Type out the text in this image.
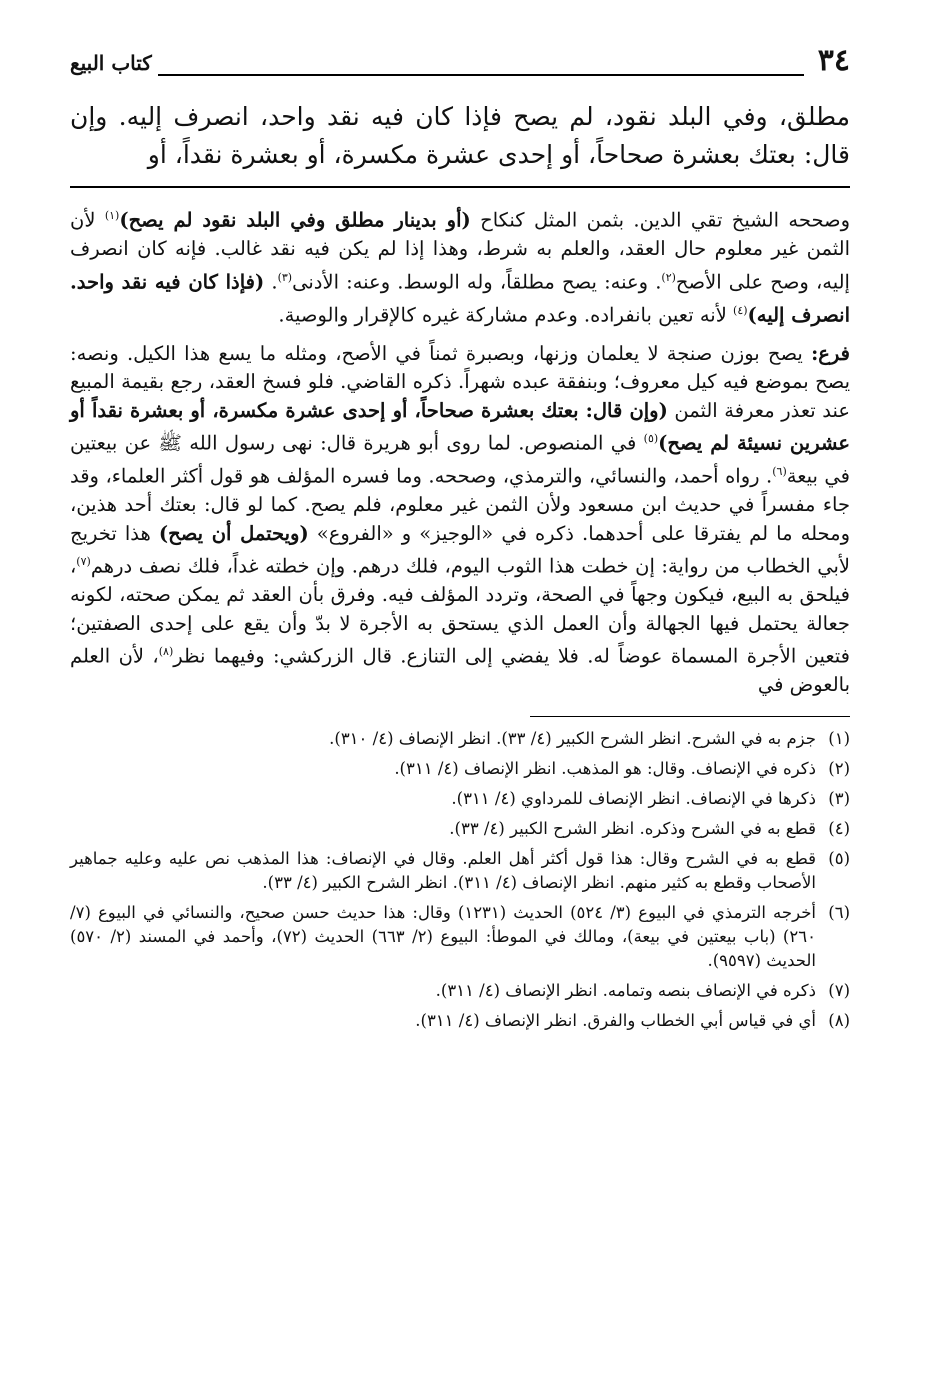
٣٤
كتاب البيع
مطلق، وفي البلد نقود، لم يصح فإذا كان فيه نقد واحد، انصرف إليه. وإن قال: بعتك بعشرة صحاحاً، أو إحدى عشرة مكسرة، أو بعشرة نقداً، أو

وصححه الشيخ تقي الدين. بثمن المثل كنكاح (أو بدينار مطلق وفي البلد نقود لم يصح)$^{(١)}$ لأن الثمن غير معلوم حال العقد، والعلم به شرط، وهذا إذا لم يكن فيه نقد غالب. فإنه كان انصرف إليه، وصح على الأصح$^{(٢)}$. وعنه: يصح مطلقاً، وله الوسط. وعنه: الأدنى$^{(٣)}$. (فإذا كان فيه نقد واحد. انصرف إليه)$^{(٤)}$ لأنه تعين بانفراده. وعدم مشاركة غيره كالإقرار والوصية.

فرع: يصح بوزن صنجة لا يعلمان وزنها، وبصبرة ثمناً في الأصح، ومثله ما يسع هذا الكيل. ونصه: يصح بموضع فيه كيل معروف؛ وبنفقة عبده شهراً. ذكره القاضي. فلو فسخ العقد، رجع بقيمة المبيع عند تعذر معرفة الثمن (وإن قال: بعتك بعشرة صحاحاً، أو إحدى عشرة مكسرة، أو بعشرة نقداً أو عشرين نسيئة لم يصح)$^{(٥)}$ في المنصوص. لما روى أبو هريرة قال: نهى رسول الله ﷺ عن بيعتين في بيعة$^{(٦)}$. رواه أحمد، والنسائي، والترمذي، وصححه. وما فسره المؤلف هو قول أكثر العلماء، وقد جاء مفسراً في حديث ابن مسعود ولأن الثمن غير معلوم، فلم يصح. كما لو قال: بعتك أحد هذين، ومحله ما لم يفترقا على أحدهما. ذكره في «الوجيز» و «الفروع» (ويحتمل أن يصح) هذا تخريج لأبي الخطاب من رواية: إن خطت هذا الثوب اليوم، فلك درهم. وإن خطته غداً، فلك نصف درهم$^{(٧)}$، فيلحق به البيع، فيكون وجهاً في الصحة، وتردد المؤلف فيه. وفرق بأن العقد ثم يمكن صحته، لكونه جعالة يحتمل فيها الجهالة وأن العمل الذي يستحق به الأجرة لا بدّ وأن يقع على إحدى الصفتين؛ فتعين الأجرة المسماة عوضاً له. فلا يفضي إلى التنازع. قال الزركشي: وفيهما نظر$^{(٨)}$، لأن العلم بالعوض في

(١)
جزم به في الشرح. انظر الشرح الكبير (٤/ ٣٣). انظر الإنصاف (٤/ ٣١٠).
(٢)
ذكره في الإنصاف. وقال: هو المذهب. انظر الإنصاف (٤/ ٣١١).
(٣)
ذكرها في الإنصاف. انظر الإنصاف للمرداوي (٤/ ٣١١).
(٤)
قطع به في الشرح وذكره. انظر الشرح الكبير (٤/ ٣٣).
(٥)
قطع به في الشرح وقال: هذا قول أكثر أهل العلم. وقال في الإنصاف: هذا المذهب نص عليه وعليه جماهير الأصحاب وقطع به كثير منهم. انظر الإنصاف (٤/ ٣١١). انظر الشرح الكبير (٤/ ٣٣).
(٦)
أخرجه الترمذي في البيوع (٣/ ٥٢٤) الحديث (١٢٣١) وقال: هذا حديث حسن صحيح، والنسائي في البيوع (٧/ ٢٦٠) (باب بيعتين في بيعة)، ومالك في الموطأ: البيوع (٢/ ٦٦٣) الحديث (٧٢)، وأحمد في المسند (٢/ ٥٧٠) الحديث (٩٥٩٧).
(٧)
ذكره في الإنصاف بنصه وتمامه. انظر الإنصاف (٤/ ٣١١).
(٨)
أي في قياس أبي الخطاب والفرق. انظر الإنصاف (٤/ ٣١١).
